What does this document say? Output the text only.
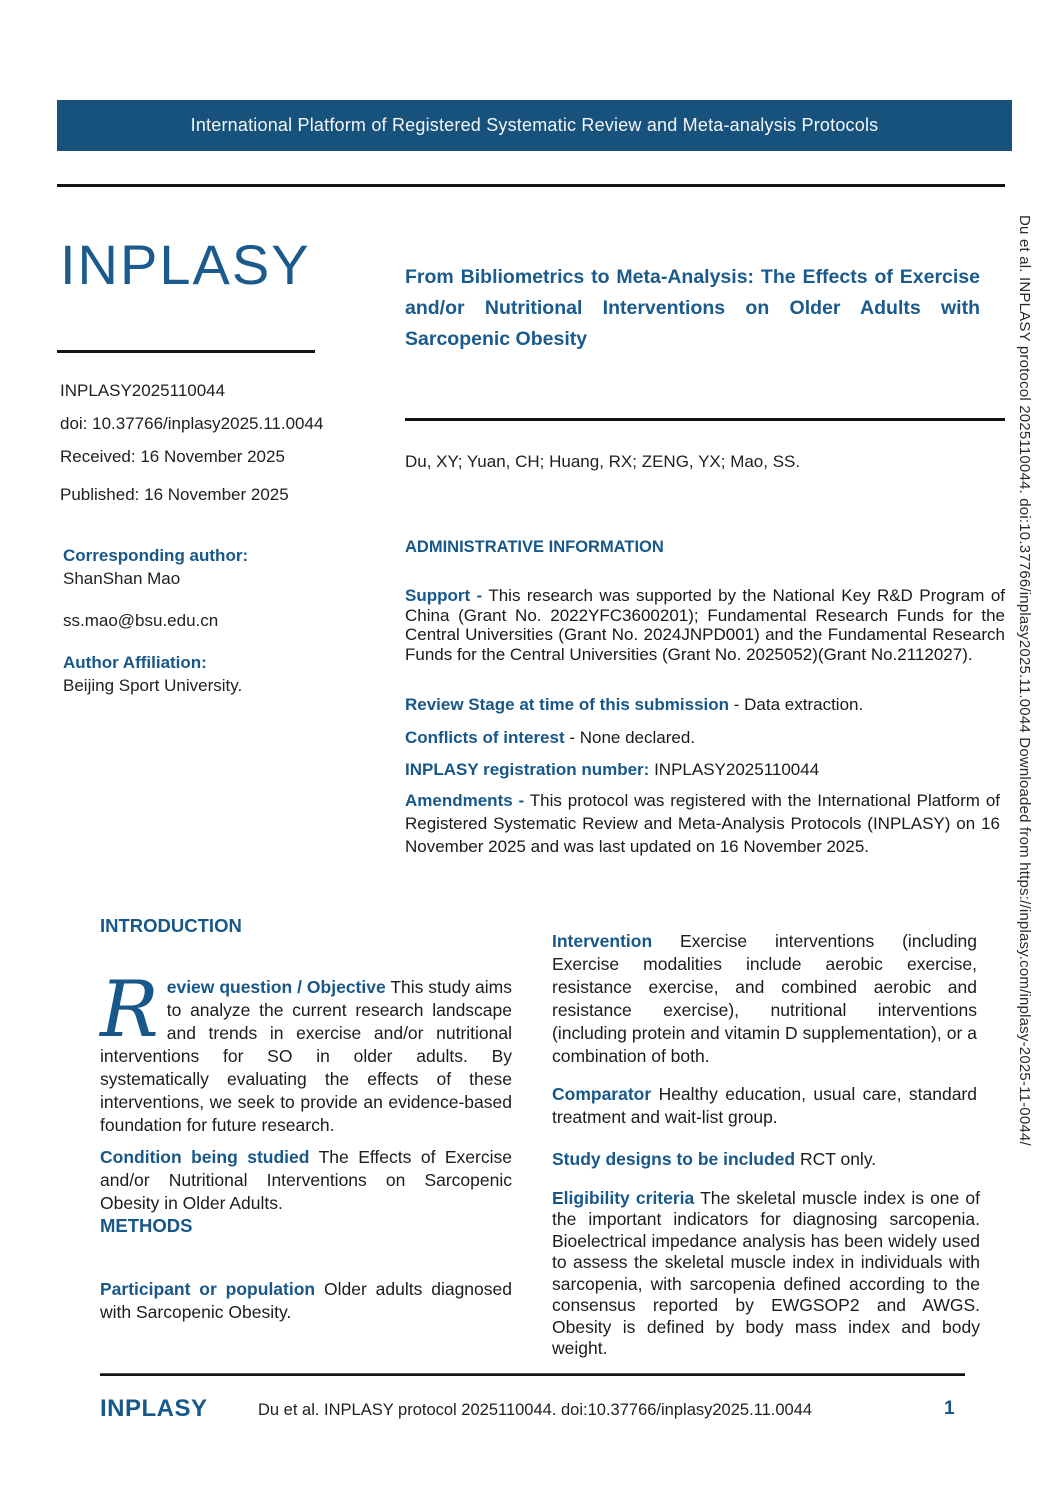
International Platform of Registered Systematic Review and Meta-analysis Protocols
INPLASY
INPLASY2025110044
doi: 10.37766/inplasy2025.11.0044
Received: 16 November 2025
Published: 16 November 2025
Corresponding author:
ShanShan Mao
ss.mao@bsu.edu.cn
Author Affiliation:
Beijing Sport University.
From Bibliometrics to Meta-Analysis: The Effects of Exercise and/or Nutritional Interventions on Older Adults with Sarcopenic Obesity
Du, XY; Yuan, CH; Huang, RX; ZENG, YX; Mao, SS.
ADMINISTRATIVE INFORMATION

Support - This research was supported by the National Key R&D Program of China (Grant No. 2022YFC3600201); Fundamental Research Funds for the Central Universities (Grant No. 2024JNPD001) and the Fundamental Research Funds for the Central Universities (Grant No. 2025052)(Grant No.2112027).

Review Stage at time of this submission - Data extraction.

Conflicts of interest - None declared.

INPLASY registration number: INPLASY2025110044

Amendments - This protocol was registered with the International Platform of Registered Systematic Review and Meta-Analysis Protocols (INPLASY) on 16 November 2025 and was last updated on 16 November 2025.

INTRODUCTION

Review question / Objective This study aims to analyze the current research landscape and trends in exercise and/or nutritional interventions for SO in older adults. By systematically evaluating the effects of these interventions, we seek to provide an evidence-based foundation for future research.

Condition being studied The Effects of Exercise and/or Nutritional Interventions on Sarcopenic Obesity in Older Adults.

METHODS

Participant or population Older adults diagnosed with Sarcopenic Obesity.

Intervention Exercise interventions (including Exercise modalities include aerobic exercise, resistance exercise, and combined aerobic and resistance exercise), nutritional interventions (including protein and vitamin D supplementation), or a combination of both.

Comparator Healthy education, usual care, standard treatment and wait-list group.

Study designs to be included RCT only.

Eligibility criteria The skeletal muscle index is one of the important indicators for diagnosing sarcopenia. Bioelectrical impedance analysis has been widely used to assess the skeletal muscle index in individuals with sarcopenia, with sarcopenia defined according to the consensus reported by EWGSOP2 and AWGS. Obesity is defined by body mass index and body weight.

INPLASY	Du et al. INPLASY protocol 2025110044. doi:10.37766/inplasy2025.11.0044	1
Du et al. INPLASY protocol 2025110044. doi:10.37766/inplasy2025.11.0044 Downloaded from https://inplasy.com/inplasy-2025-11-0044/
